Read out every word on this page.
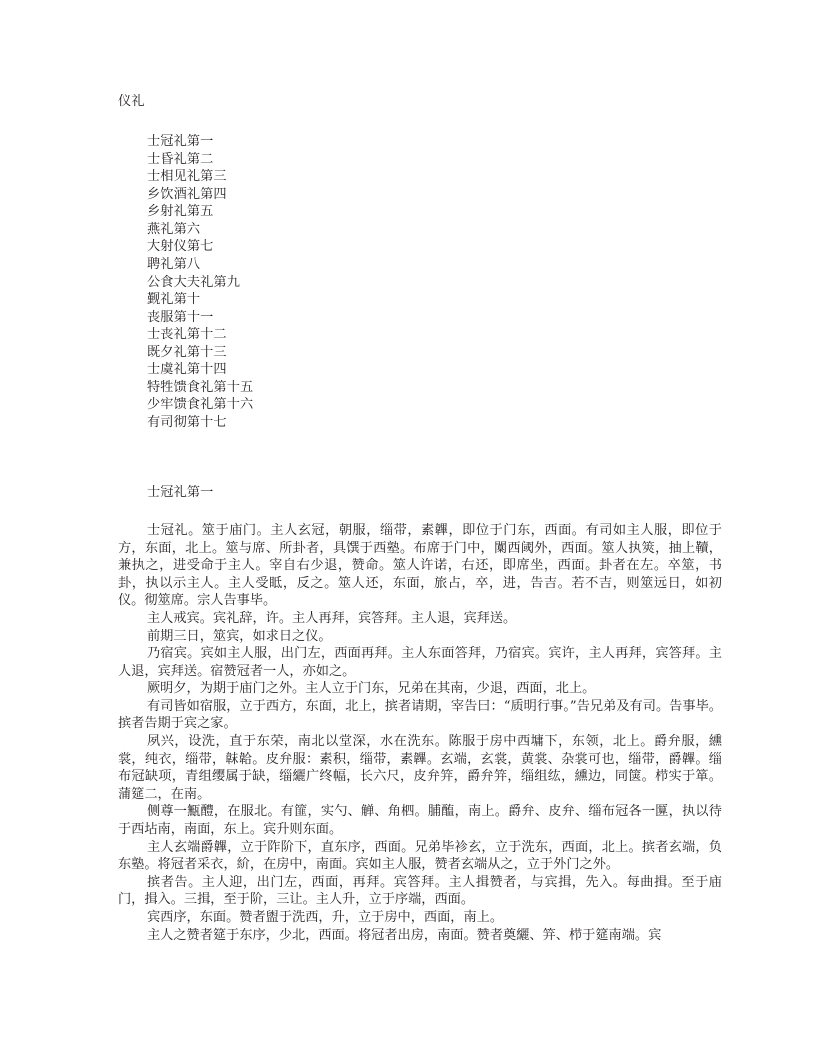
仪礼
士冠礼第一
士昏礼第二
士相见礼第三
乡饮酒礼第四
乡射礼第五
燕礼第六
大射仪第七
聘礼第八
公食大夫礼第九
觐礼第十
丧服第十一
士丧礼第十二
既夕礼第十三
士虞礼第十四
特牲馈食礼第十五
少牢馈食礼第十六
有司彻第十七
士冠礼第一

士冠礼。筮于庙门。主人玄冠，朝服，缁带，素韠，即位于门东，西面。有司如主人服，即位于方，东面，北上。筮与席、所卦者，具馔于西塾。布席于门中，闑西阈外，西面。筮人执筴，抽上韇，兼执之，进受命于主人。宰自右少退，赞命。筮人许诺，右还，即席坐，西面。卦者在左。卒筮，书卦，执以示主人。主人受眡，反之。筮人还，东面，旅占，卒，进，告吉。若不吉，则筮远日，如初仪。彻筮席。宗人告事毕。

主人戒宾。宾礼辞，许。主人再拜，宾答拜。主人退，宾拜送。

前期三日，筮宾，如求日之仪。

乃宿宾。宾如主人服，出门左，西面再拜。主人东面答拜，乃宿宾。宾许，主人再拜，宾答拜。主人退，宾拜送。宿赞冠者一人，亦如之。

厥明夕，为期于庙门之外。主人立于门东，兄弟在其南，少退，西面，北上。

有司皆如宿服，立于西方，东面，北上，摈者请期，宰告曰：“质明行事。”告兄弟及有司。告事毕。摈者告期于宾之家。

夙兴，设洗，直于东荣，南北以堂深，水在洗东。陈服于房中西墉下，东领，北上。爵弁服，纁裳，纯衣，缁带，韎韐。皮弁服：素积，缁带，素韠。玄端，玄裳，黄裳、杂裳可也，缁带，爵韠。缁布冠缺项，青组缨属于缺，缁纚广终幅，长六尺，皮弁笄，爵弁笄，缁组纮，纁边，同箧。栉实于箪。蒲筵二，在南。

侧尊一甒醴，在服北。有篚，实勺、觯、角柶。脯醢，南上。爵弁、皮弁、缁布冠各一匴，执以待于西坫南，南面，东上。宾升则东面。

主人玄端爵韠，立于阼阶下，直东序，西面。兄弟毕袗玄，立于洗东，西面，北上。摈者玄端，负东塾。将冠者采衣，紒，在房中，南面。宾如主人服，赞者玄端从之，立于外门之外。

摈者告。主人迎，出门左，西面，再拜。宾答拜。主人揖赞者，与宾揖，先入。每曲揖。至于庙门，揖入。三揖，至于阶，三让。主人升，立于序端，西面。

宾西序，东面。赞者盥于洗西，升，立于房中，西面，南上。

主人之赞者筵于东序，少北，西面。将冠者出房，南面。赞者奠纚、笄、栉于筵南端。宾
